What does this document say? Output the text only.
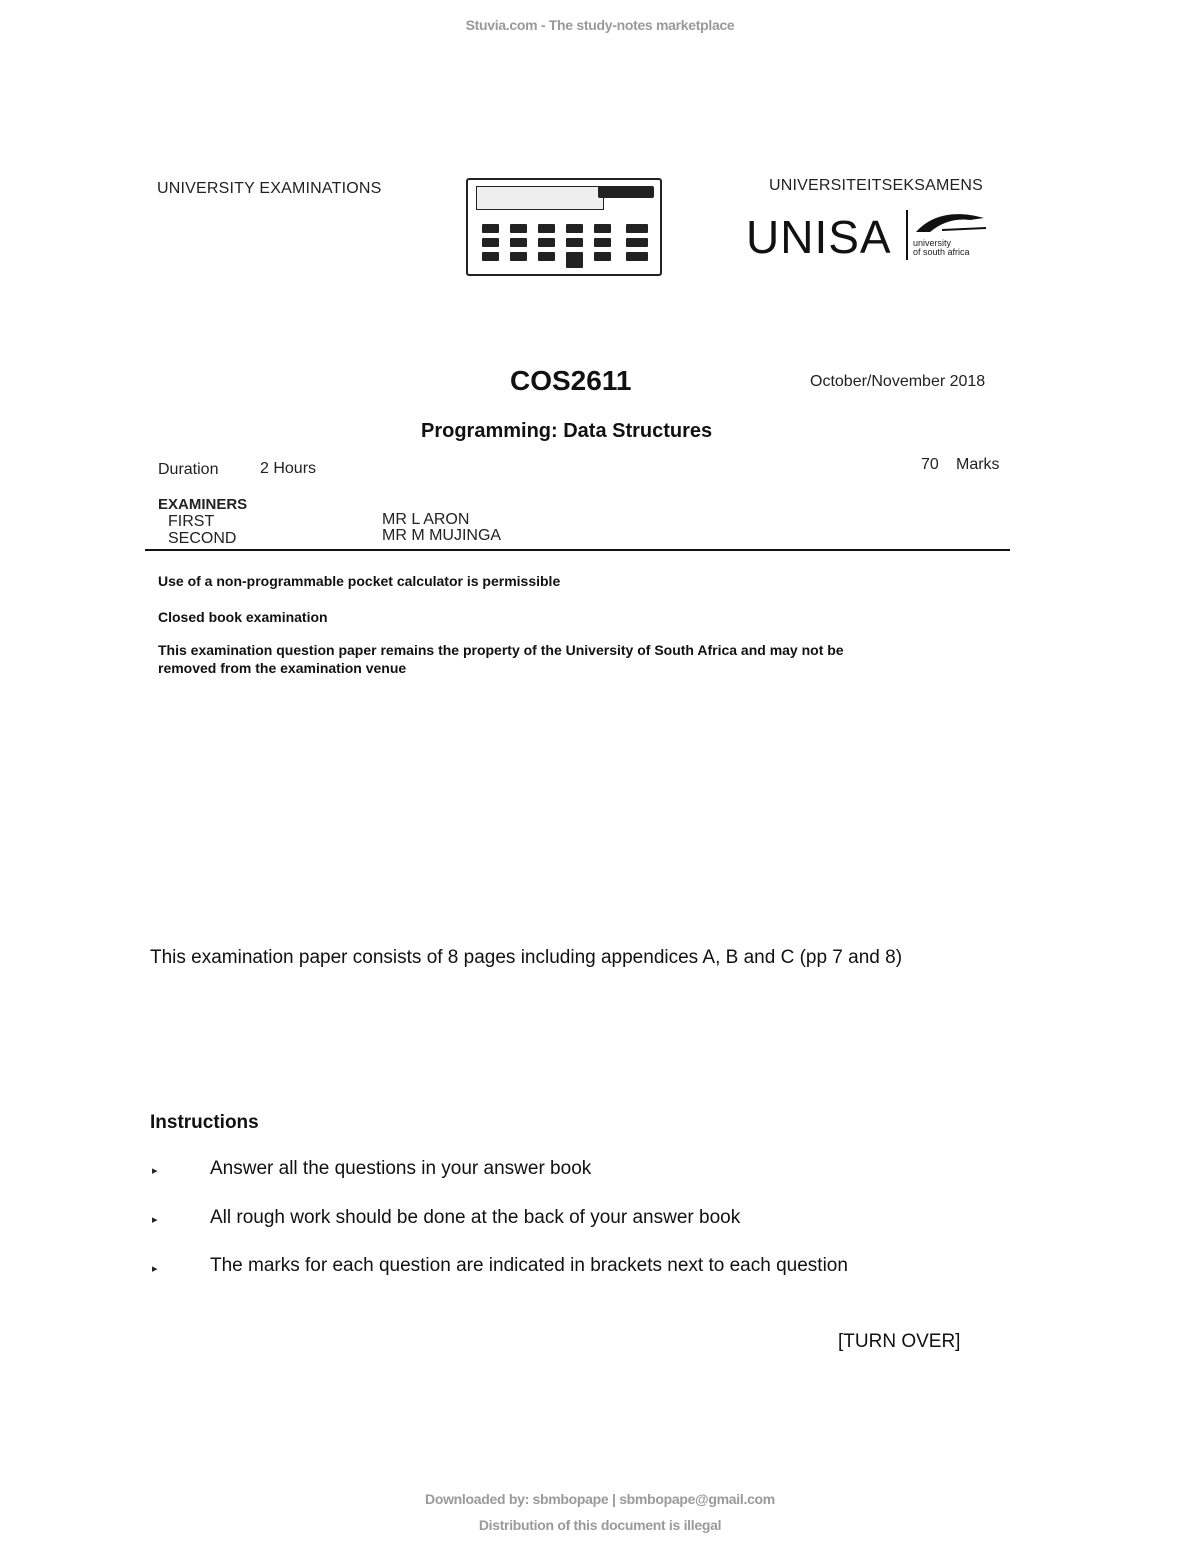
Stuvia.com - The study-notes marketplace
UNIVERSITY EXAMINATIONS	UNIVERSITEITSEKSAMENS
UNISA university
of south africa
COS2611	October/November 2018
Programming: Data Structures
Duration	2 Hours	70 Marks
EXAMINERS
FIRST	MR L ARON
SECOND	MR M MUJINGA
Use of a non-programmable pocket calculator is permissible
Closed book examination
This examination question paper remains the property of the University of South Africa and may not be
removed from the examination venue
This examination paper consists of 8 pages including appendices A, B and C (pp 7 and 8)
Instructions
▸	Answer all the questions in your answer book
▸	All rough work should be done at the back of your answer book
▸	The marks for each question are indicated in brackets next to each question
[TURN OVER]
Downloaded by: sbmbopape | sbmbopape@gmail.com
Distribution of this document is illegal
